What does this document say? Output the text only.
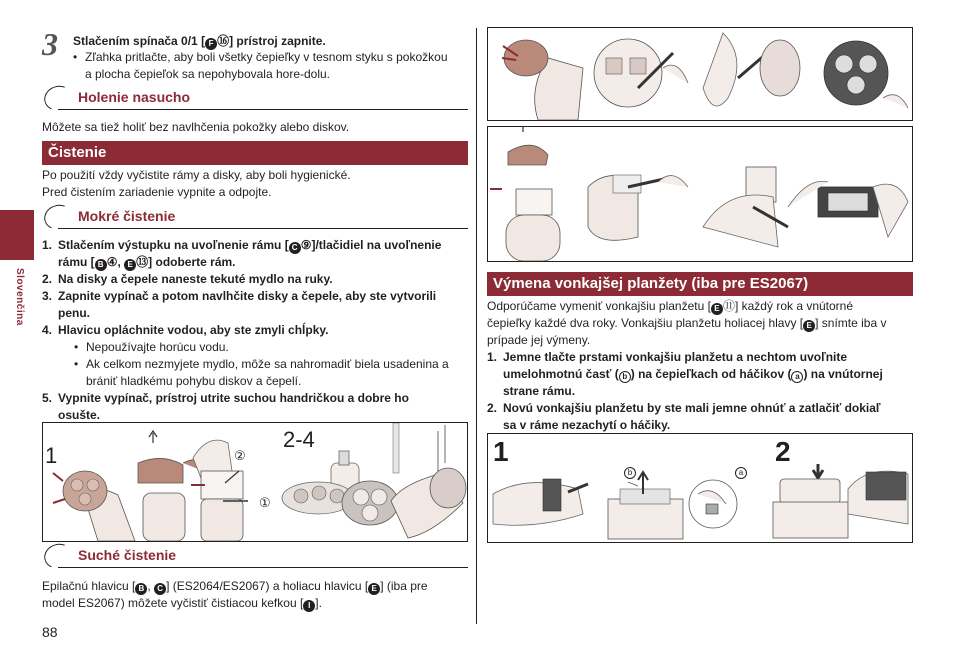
Slovenčina
3 Stlačením spínača 0/1 [ F ⑯] prístroj zapnite.
• Zľahka pritlačte, aby boli všetky čepieľky v tesnom styku s pokožkou
a plocha čepieľok sa nepohybovala hore-dolu.
Holenie nasucho
Môžete sa tiež holiť bez navlhčenia pokožky alebo diskov.
Čistenie
Po použití vždy vyčistite rámy a disky, aby boli hygienické.
Pred čistením zariadenie vypnite a odpojte.
Mokré čistenie
1. Stlačením výstupku na uvoľnenie rámu [ C ⑨]/tlačidiel na uvoľnenie
rámu [ B ④, E ⑬] odoberte rám.
2. Na disky a čepele naneste tekuté mydlo na ruky.
3. Zapnite vypínač a potom navlhčite disky a čepele, aby ste vytvorili
penu.
4. Hlavicu opláchnite vodou, aby ste zmyli chĺpky.
• Nepoužívajte horúcu vodu.
• Ak celkom nezmyjete mydlo, môže sa nahromadiť biela usadenina a
brániť hladkému pohybu diskov a čepelí.
5. Vypnite vypínač, prístroj utrite suchou handričkou a dobre ho
osušte.
1
2-4
②
①
Suché čistenie
Epilačnú hlavicu [ B , C ] (ES2064/ES2067) a holiacu hlavicu [ E ] (iba pre
model ES2067) môžete vyčistiť čistiacou kefkou [ I ].
88
Výmena vonkajšej planžety (iba pre ES2067)
Odporúčame vymeniť vonkajšiu planžetu [ E ⑪] každý rok a vnútorné
čepieľky každé dva roky. Vonkajšiu planžetu holiacej hlavy [ E ] snímte iba v
prípade jej výmeny.
1. Jemne tlačte prstami vonkajšiu planžetu a nechtom uvoľnite
umelohmotnú časť ( b ) na čepieľkach od háčikov ( a ) na vnútornej
strane rámu.
2. Novú vonkajšiu planžetu by ste mali jemne ohnúť a zatlačiť dokiaľ
sa v ráme nezachytí o háčiky.
1	2
b	a
